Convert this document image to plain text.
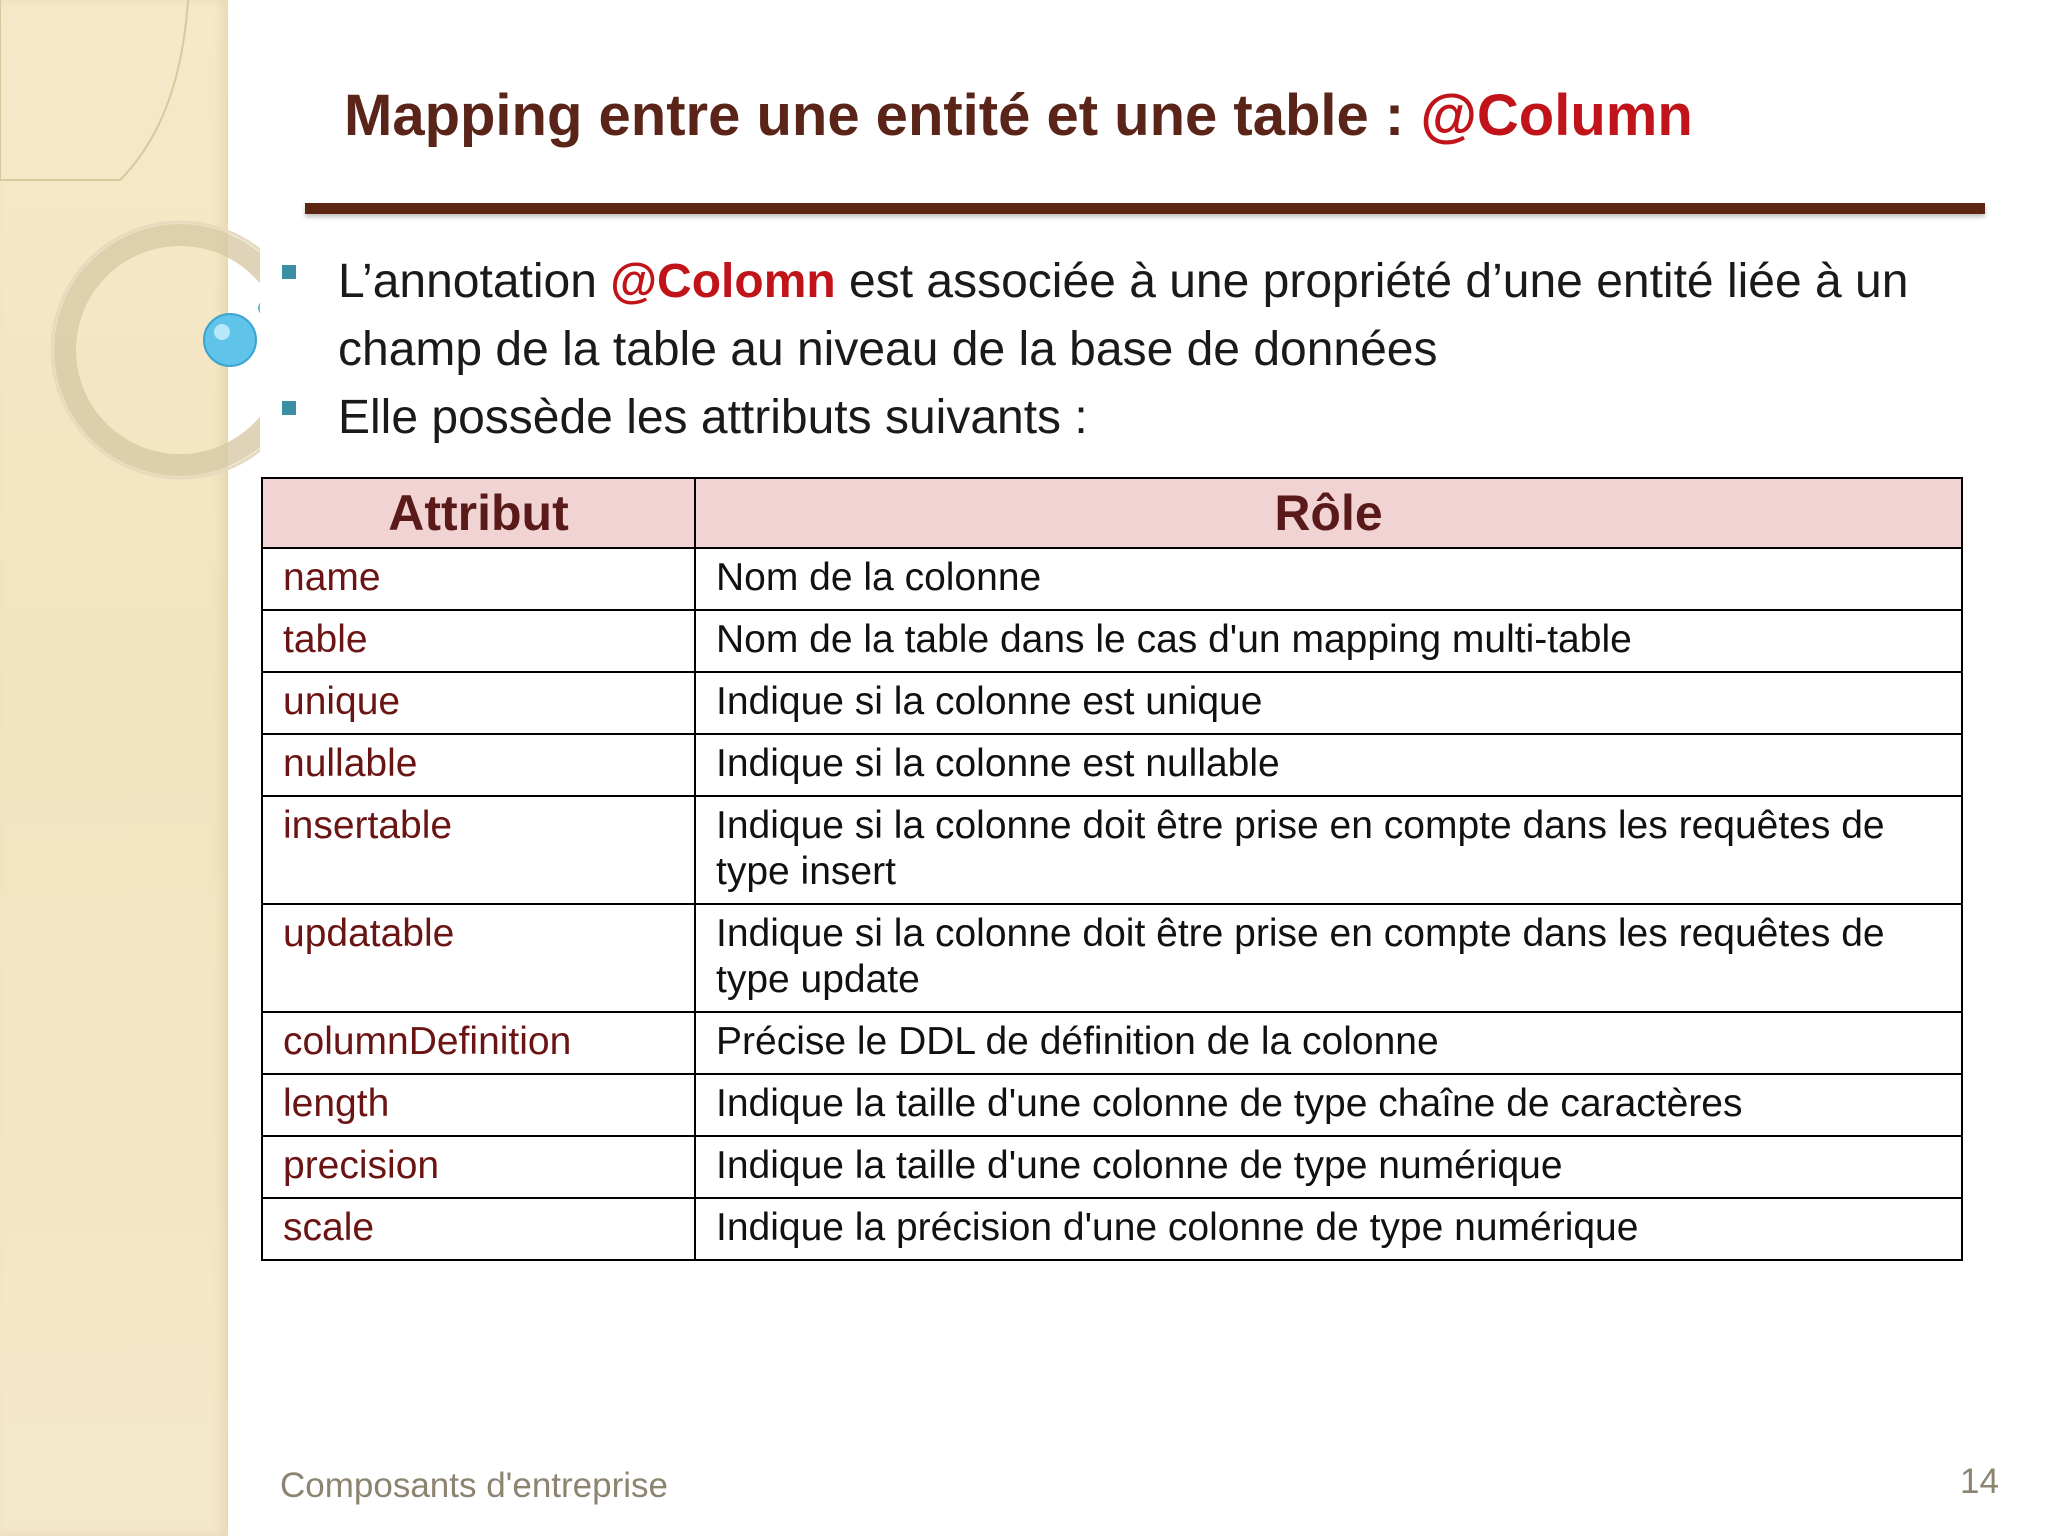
Mapping entre une entité et une table : @Column
L’annotation @Colomn est associée à une propriété d’une entité liée à un champ de la table au niveau de la base de données
Elle possède les attributs suivants :
Attribut	Rôle
name	Nom de la colonne
table	Nom de la table dans le cas d'un mapping multi-table
unique	Indique si la colonne est unique
nullable	Indique si la colonne est nullable
insertable	Indique si la colonne doit être prise en compte dans les requêtes de type insert
updatable	Indique si la colonne doit être prise en compte dans les requêtes de type update
columnDefinition	Précise le DDL de définition de la colonne
length	Indique la taille d'une colonne de type chaîne de caractères
precision	Indique la taille d'une colonne de type numérique
scale	Indique la précision d'une colonne de type numérique
Composants d'entreprise	14
